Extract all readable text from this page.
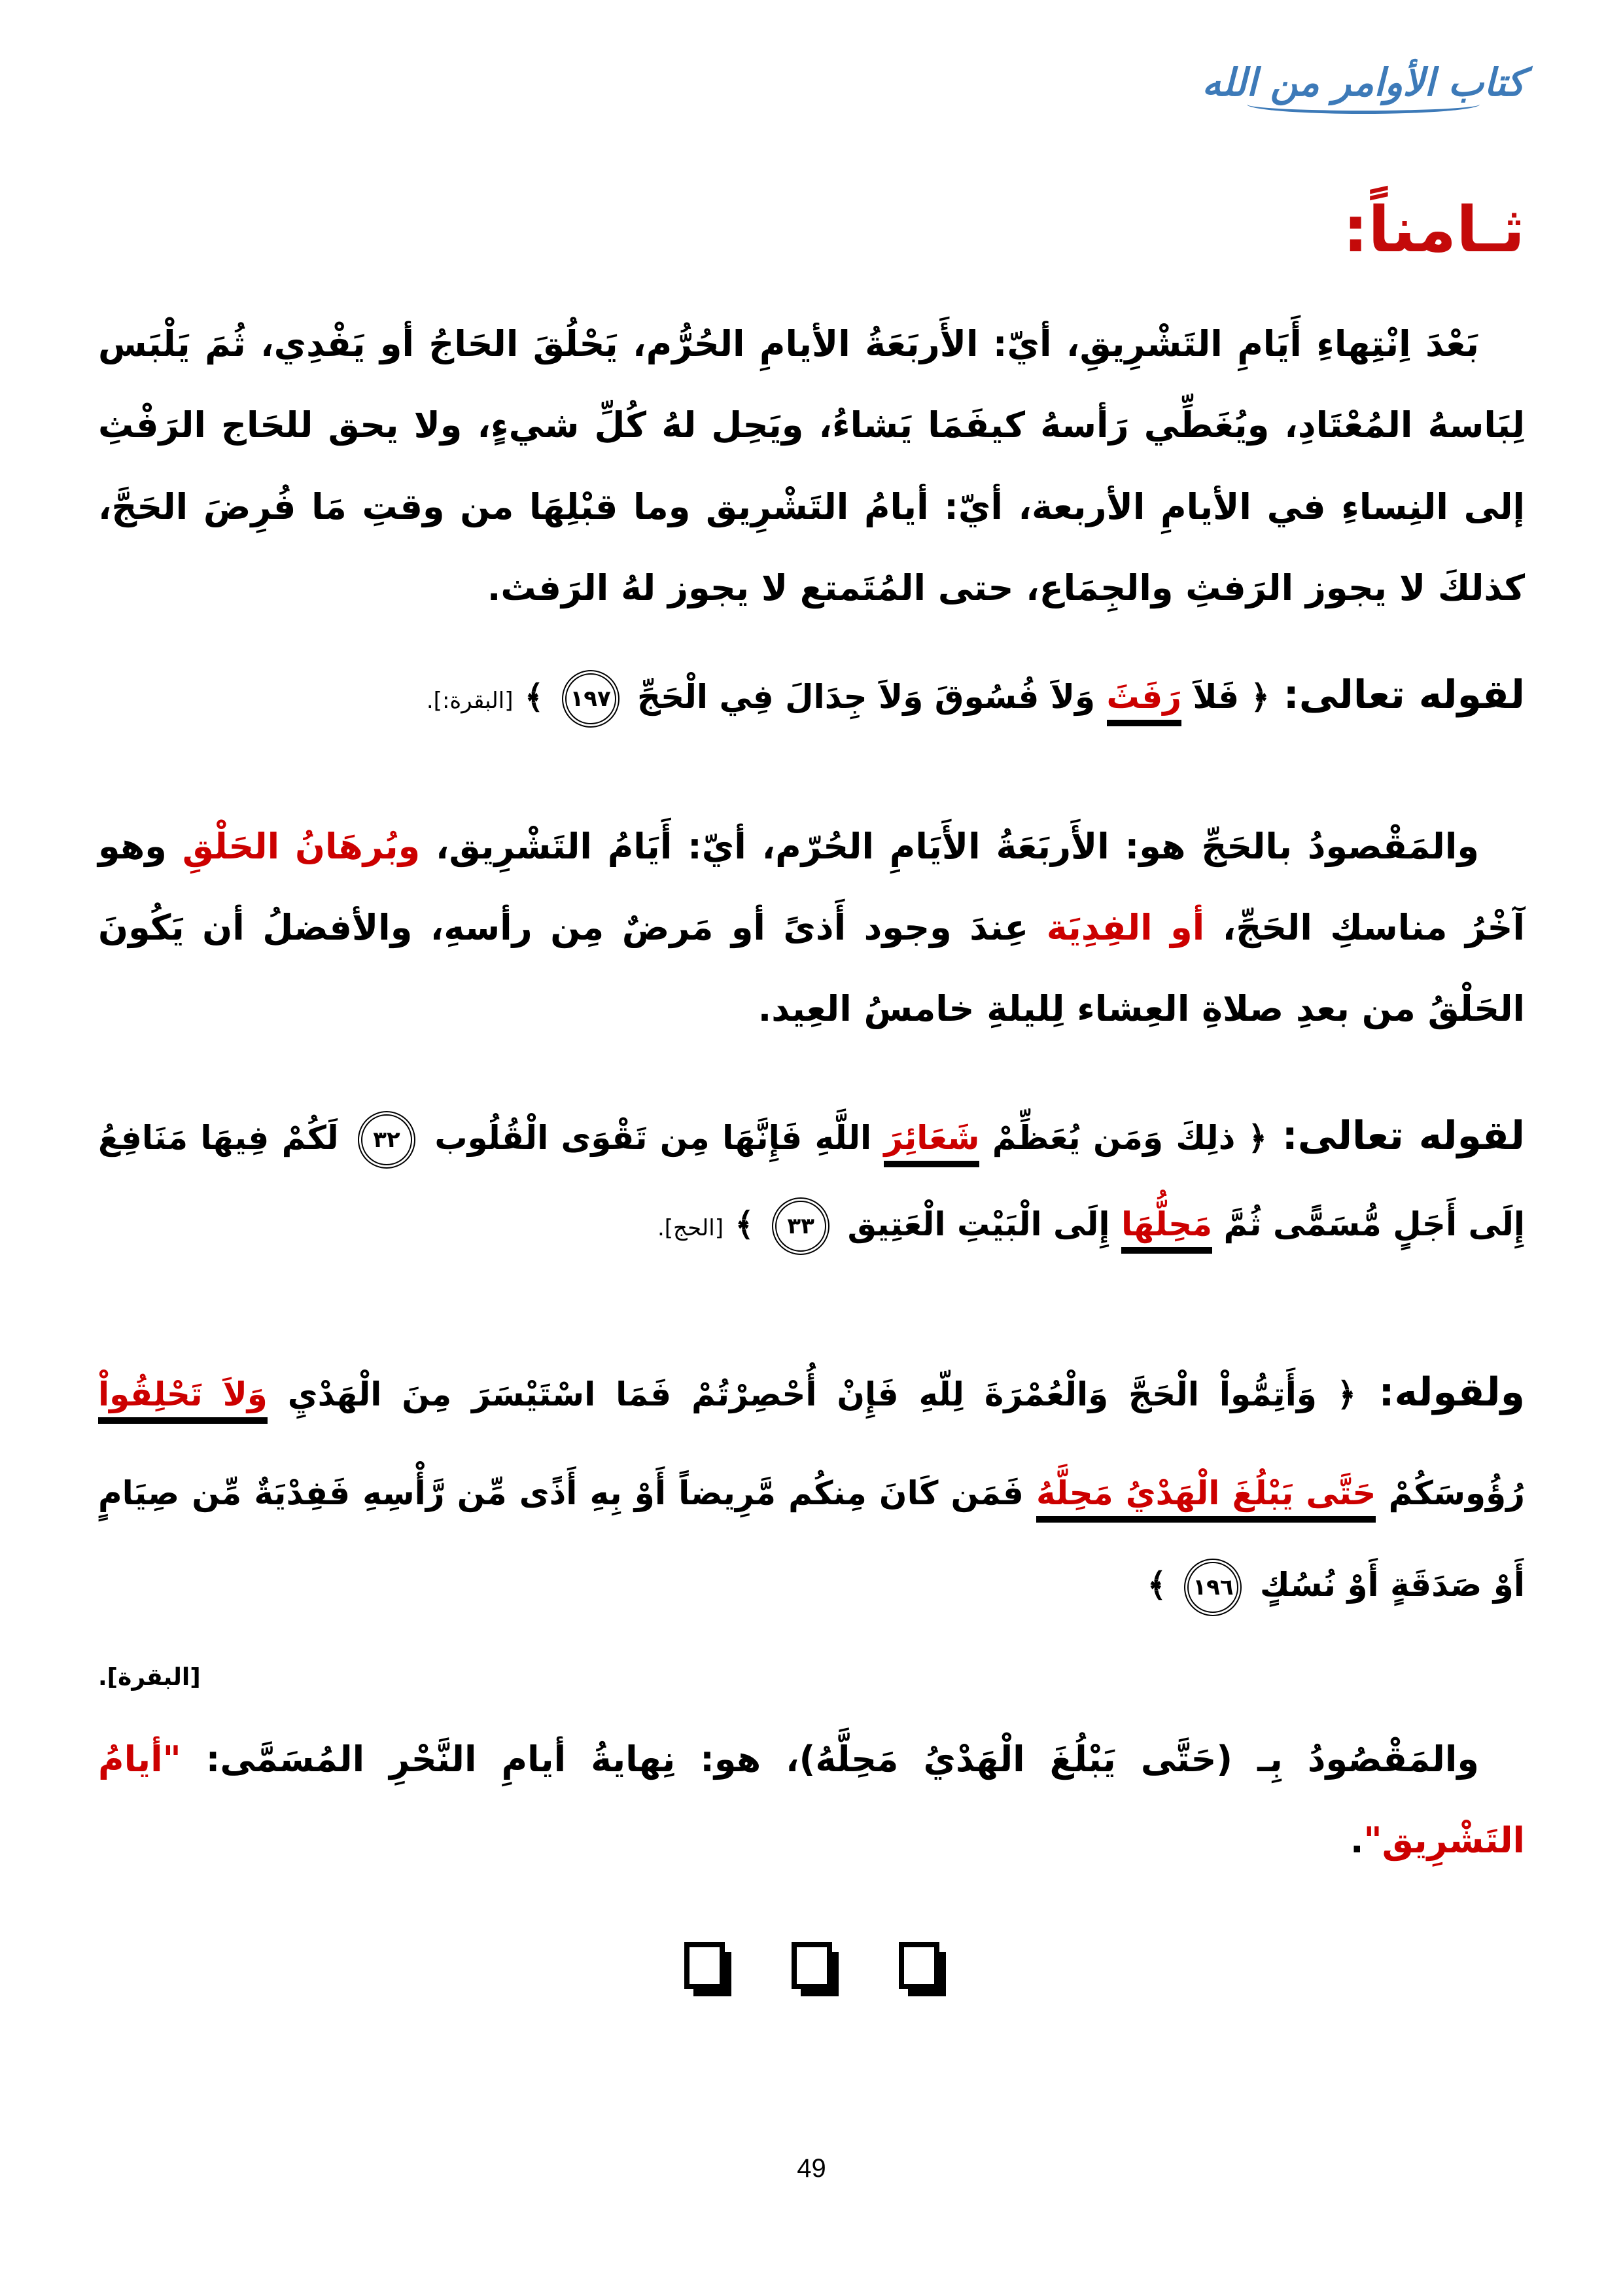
كتاب الأوامر من الله
ثـامناً:
بَعْدَ اِنْتِهاءِ أَيَامِ التَشْرِيقِ، أيّ: الأَربَعَةُ الأيامِ الحُرُّم، يَحْلُقَ الحَاجُ أو يَفْدِي، ثُمَ يَلْبَس لِبَاسهُ المُعْتَادِ، ويُغَطِّي رَأسهُ كيفَمَا يَشاءُ، ويَحِل لهُ كُلِّ شيءٍ، ولا يحق للحَاج الرَفْثِ إلى النِساءِ في الأيامِ الأربعة، أيّ: أيامُ التَشْرِيق وما قبْلِهَا من وقتِ مَا فُرِضَ الحَجَّ، كذلكَ لا يجوز الرَفثِ والجِمَاع، حتى المُتَمتع لا يجوز لهُ الرَفث.
لقوله تعالى: ﴿ فَلاَ رَفَثَ وَلاَ فُسُوقَ وَلاَ جِدَالَ فِي الْحَجِّ ١٩٧ ﴾ [البقرة:].
والمَقْصودُ بالحَجِّ هو: الأَربَعَةُ الأَيَامِ الحُرّم، أيّ: أَيَامُ التَشْرِيق، وبُرهَانُ الحَلْقِ وهو آخْرُ مناسكِ الحَجِّ، أو الفِدِيَة عِندَ وجود أَذىً أو مَرضٌ مِن رأسهِ، والأفضلُ أن يَكُونَ الحَلْقُ من بعدِ صلاةِ العِشاء لِليلةِ خامسُ العِيد.
لقوله تعالى: ﴿ ذلِكَ وَمَن يُعَظِّمْ شَعَائِرَ اللَّهِ فَإِنَّهَا مِن تَقْوَى الْقُلُوب ٣٢ لَكُمْ فِيهَا مَنَافِعُ إِلَى أَجَلٍ مُّسَمًّى ثُمَّ مَحِلُّهَا إِلَى الْبَيْتِ الْعَتِيق ٣٣ ﴾ [الحج].
ولقوله: ﴿ وَأَتِمُّواْ الْحَجَّ وَالْعُمْرَةَ لِلّهِ فَإِنْ أُحْصِرْتُمْ فَمَا اسْتَيْسَرَ مِنَ الْهَدْيِ وَلاَ تَحْلِقُواْ رُؤُوسَكُمْ حَتَّى يَبْلُغَ الْهَدْيُ مَحِلَّهُ فَمَن كَانَ مِنكُم مَّرِيضاً أَوْ بِهِ أَذًى مِّن رَّأْسِهِ فَفِدْيَةٌ مِّن صِيَامٍ أَوْ صَدَقَةٍ أَوْ نُسُكٍ ١٩٦ ﴾
[البقرة].
والمَقْصُودُ بِـ (حَتَّى يَبْلُغَ الْهَدْيُ مَحِلَّهُ)، هو: نِهايةُ أيامِ النَّحْرِ المُسَمَّى: "أيامُ التَشْرِيق".
49
